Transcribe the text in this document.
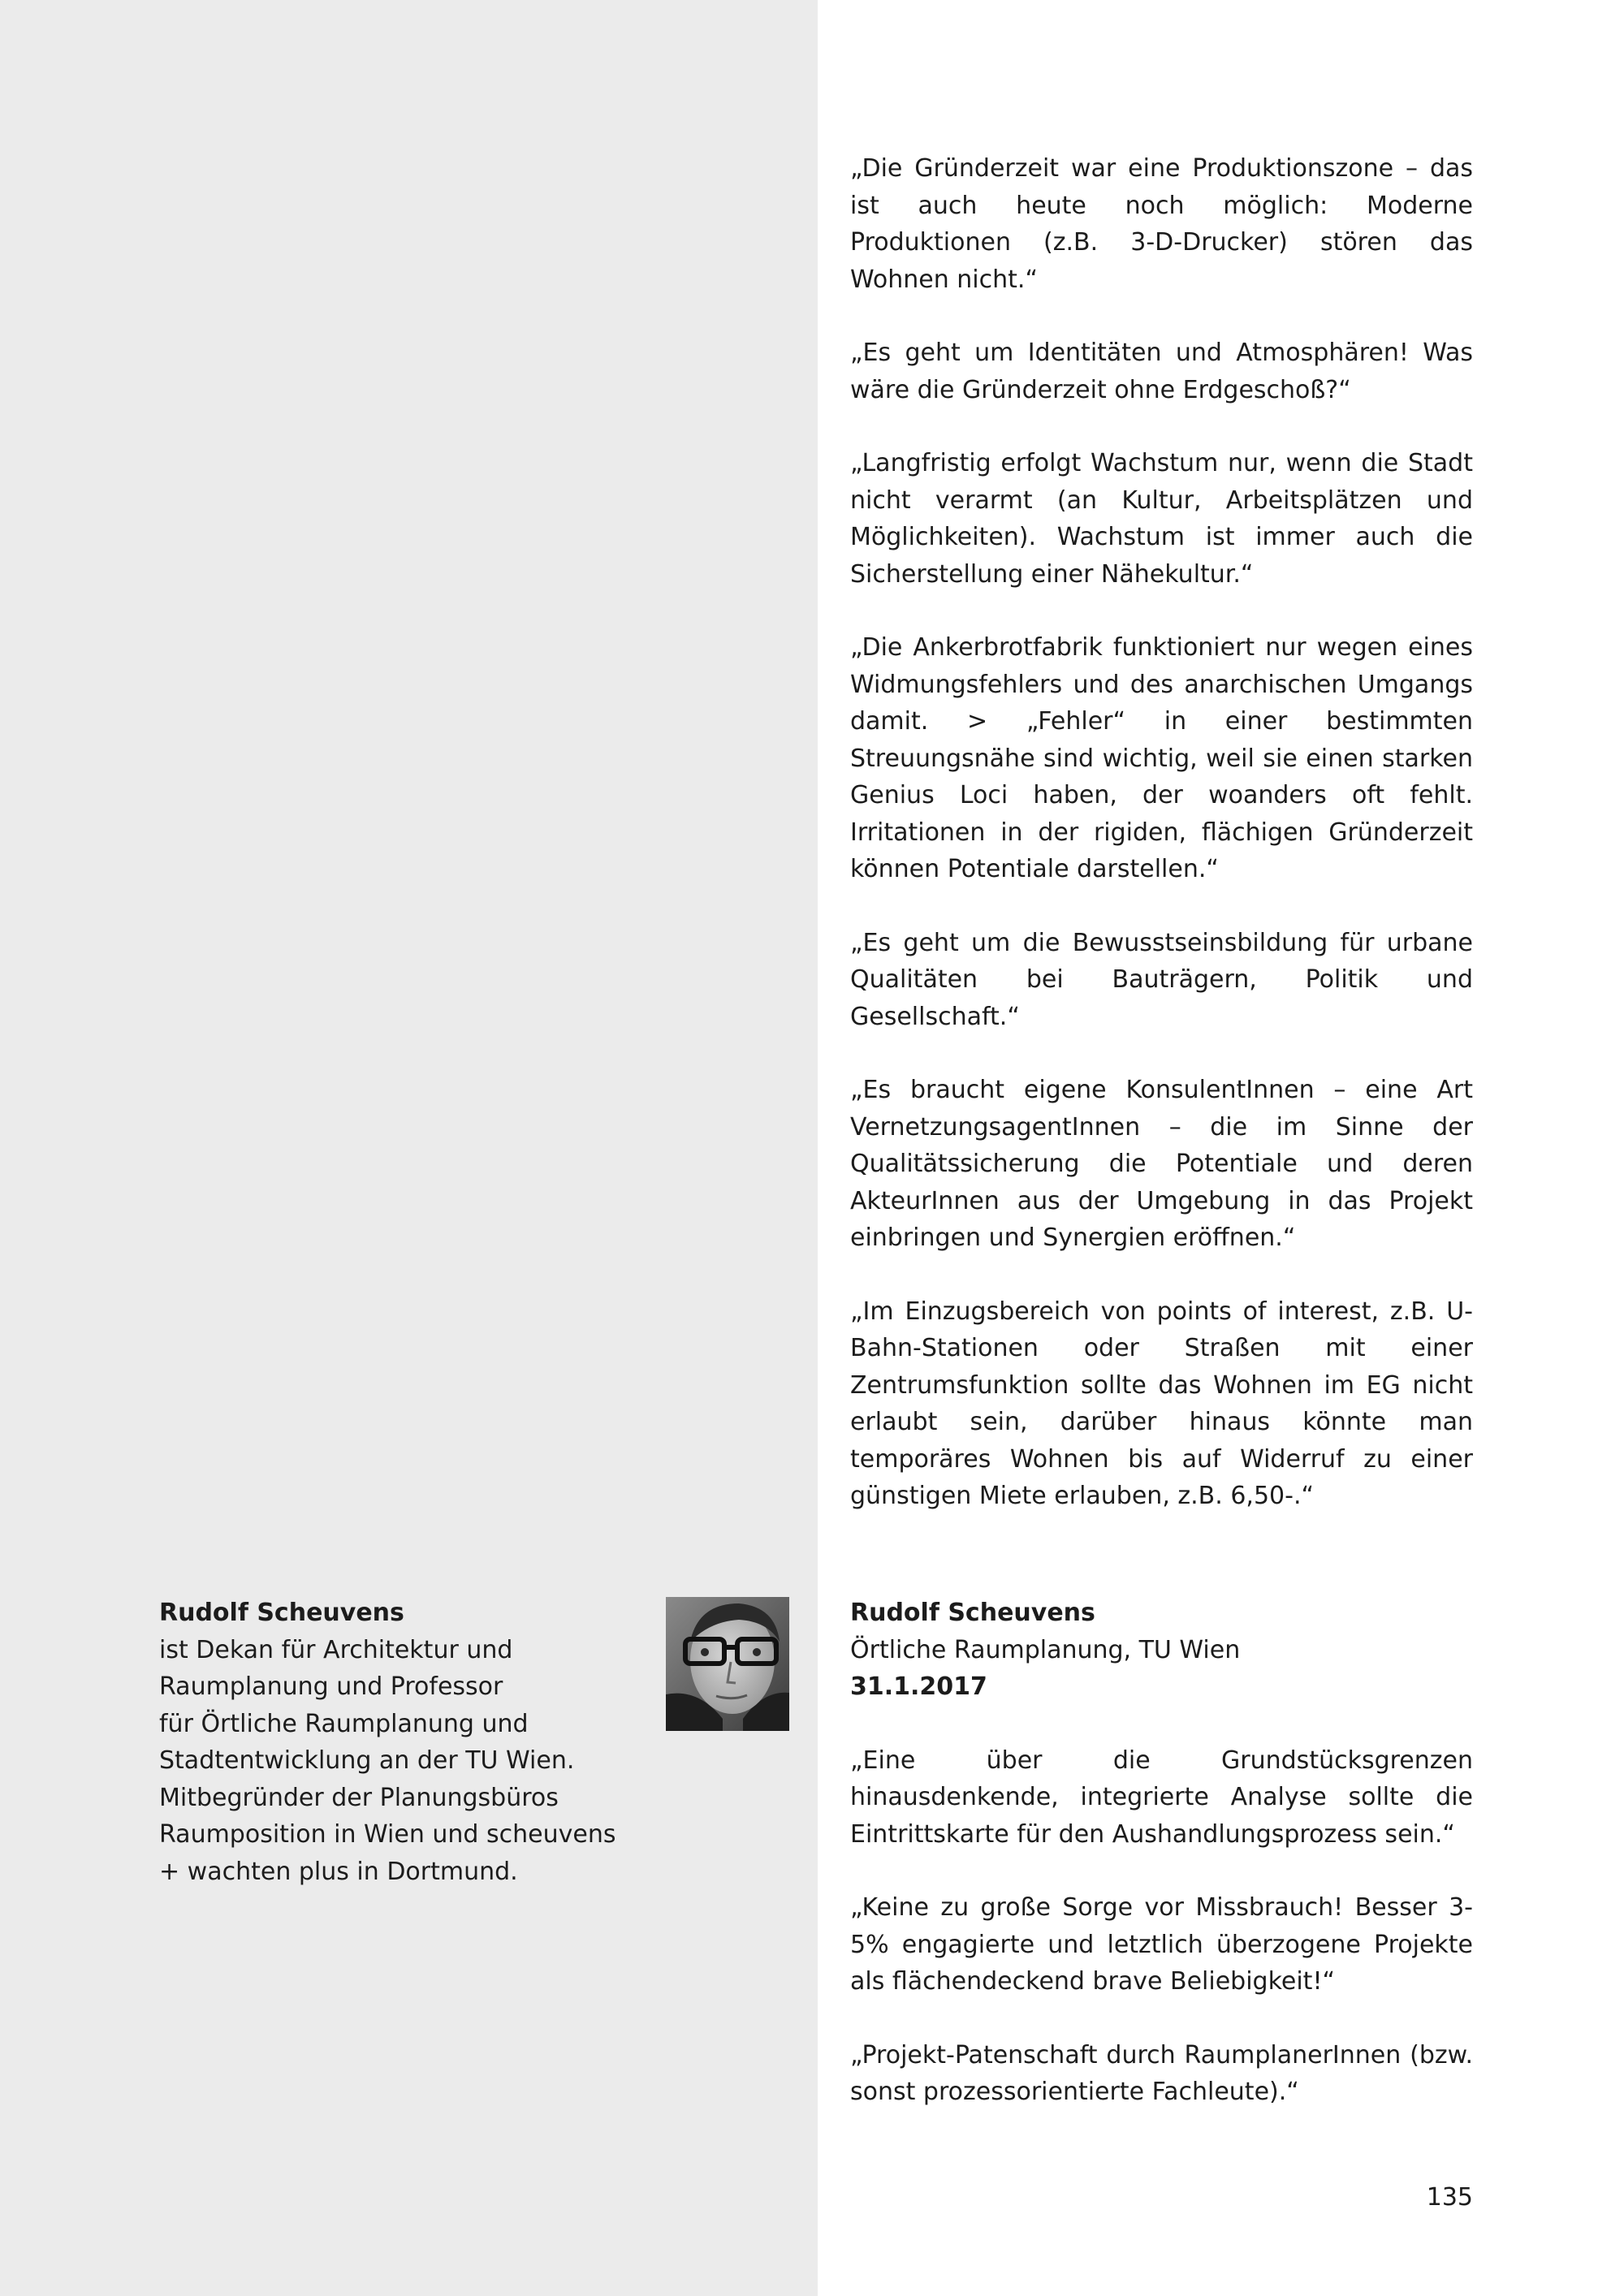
„Die Gründerzeit war eine Produktionszone – das ist auch heute noch möglich: Moderne Produktionen (z.B. 3-D-Drucker) stören das Wohnen nicht.“

„Es geht um Identitäten und Atmosphären! Was wäre die Gründerzeit ohne Erdgeschoß?“

„Langfristig erfolgt Wachstum nur, wenn die Stadt nicht verarmt (an Kultur, Arbeitsplätzen und Möglichkeiten). Wachstum ist immer auch die Sicherstellung einer Nähekultur.“

„Die Ankerbrotfabrik funktioniert nur wegen eines Widmungsfehlers und des anarchischen Umgangs damit. > „Fehler“ in einer bestimmten Streuungsnähe sind wichtig, weil sie einen starken Genius Loci haben, der woanders oft fehlt. Irritationen in der rigiden, flächigen Gründerzeit können Potentiale darstellen.“

„Es geht um die Bewusstseinsbildung für urbane Qualitäten bei Bauträgern, Politik und Gesellschaft.“

„Es braucht eigene KonsulentInnen – eine Art VernetzungsagentInnen – die im Sinne der Qualitätssicherung die Potentiale und deren AkteurInnen aus der Umgebung in das Projekt einbringen und Synergien eröffnen.“

„Im Einzugsbereich von points of interest, z.B. U-Bahn-Stationen oder Straßen mit einer Zentrumsfunktion sollte das Wohnen im EG nicht erlaubt sein, darüber hinaus könnte man temporäres Wohnen bis auf Widerruf zu einer günstigen Miete erlauben, z.B. 6,50-.“

Rudolf Scheuvens

ist Dekan für Architektur und
Raumplanung und Professor
für Örtliche Raumplanung und
Stadtentwicklung an der TU Wien.
Mitbegründer der Planungsbüros
Raumposition in Wien und scheuvens
+ wachten plus in Dortmund.

Rudolf Scheuvens

Örtliche Raumplanung, TU Wien

31.1.2017

„Eine über die Grundstücksgrenzen hinausdenkende, integrierte Analyse sollte die Eintrittskarte für den Aushandlungsprozess sein.“

„Keine zu große Sorge vor Missbrauch! Besser 3-5% engagierte und letztlich überzogene Projekte als flächendeckend brave Beliebigkeit!“

„Projekt-Patenschaft durch RaumplanerInnen (bzw. sonst prozessorientierte Fachleute).“

135
